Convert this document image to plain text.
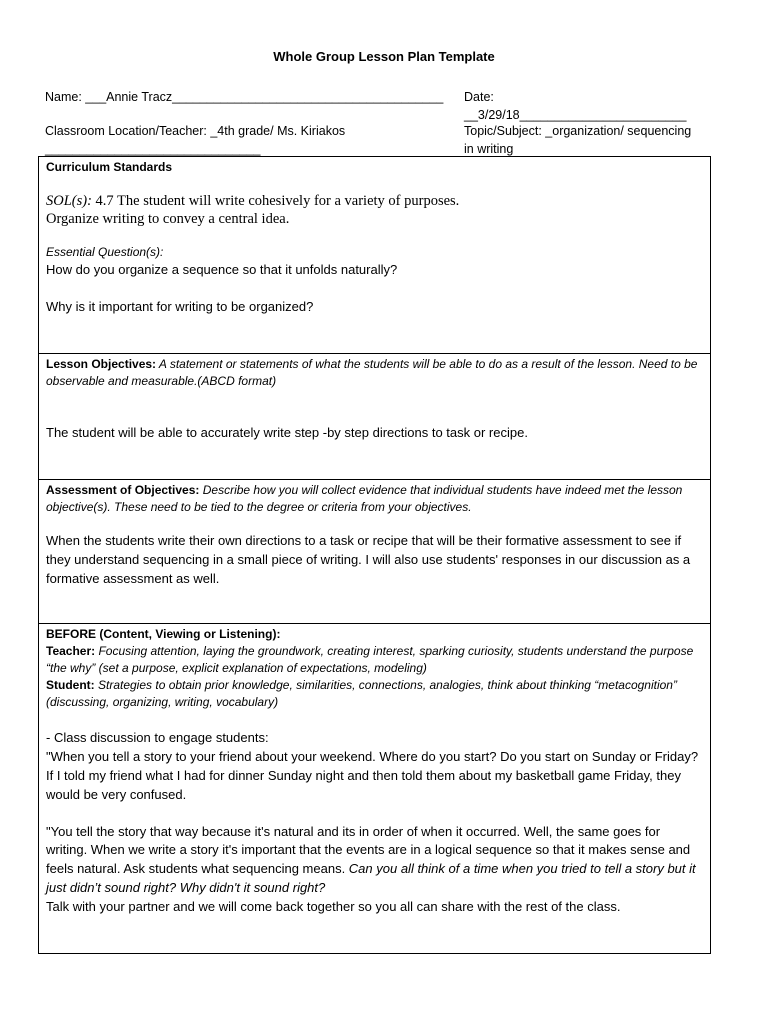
Whole Group Lesson Plan Template
Name: ___Annie Tracz_______________________________________ Date:
__3/29/18________________________
Classroom Location/Teacher: _4th grade/ Ms. Kiriakos
_______________________________
Topic/Subject: _organization/ sequencing
in writing
Curriculum Standards

SOL(s): 4.7 The student will write cohesively for a variety of purposes.

Organize writing to convey a central idea.

Essential Question(s):

How do you organize a sequence so that it unfolds naturally?

Why is it important for writing to be organized?

Lesson Objectives: A statement or statements of what the students will be able to do as a result of the lesson. Need to be observable and measurable.(ABCD format)

The student will be able to accurately write step -by step directions to task or recipe.

Assessment of Objectives: Describe how you will collect evidence that individual students have indeed met the lesson objective(s). These need to be tied to the degree or criteria from your objectives.

When the students write their own directions to a task or recipe that will be their formative assessment to see if they understand sequencing in a small piece of writing. I will also use students' responses in our discussion as a formative assessment as well.

BEFORE (Content, Viewing or Listening):

Teacher: Focusing attention, laying the groundwork, creating interest, sparking curiosity, students understand the purpose “the why” (set a purpose, explicit explanation of expectations, modeling)

Student: Strategies to obtain prior knowledge, similarities, connections, analogies, think about thinking “metacognition” (discussing, organizing, writing, vocabulary)

- Class discussion to engage students:

"When you tell a story to your friend about your weekend. Where do you start? Do you start on Sunday or Friday?

If I told my friend what I had for dinner Sunday night and then told them about my basketball game Friday, they would be very confused.

"You tell the story that way because it's natural and its in order of when it occurred. Well, the same goes for writing. When we write a story it's important that the events are in a logical sequence so that it makes sense and feels natural. Ask students what sequencing means. Can you all think of a time when you tried to tell a story but it just didn’t sound right? Why didn't it sound right?

Talk with your partner and we will come back together so you all can share with the rest of the class.
